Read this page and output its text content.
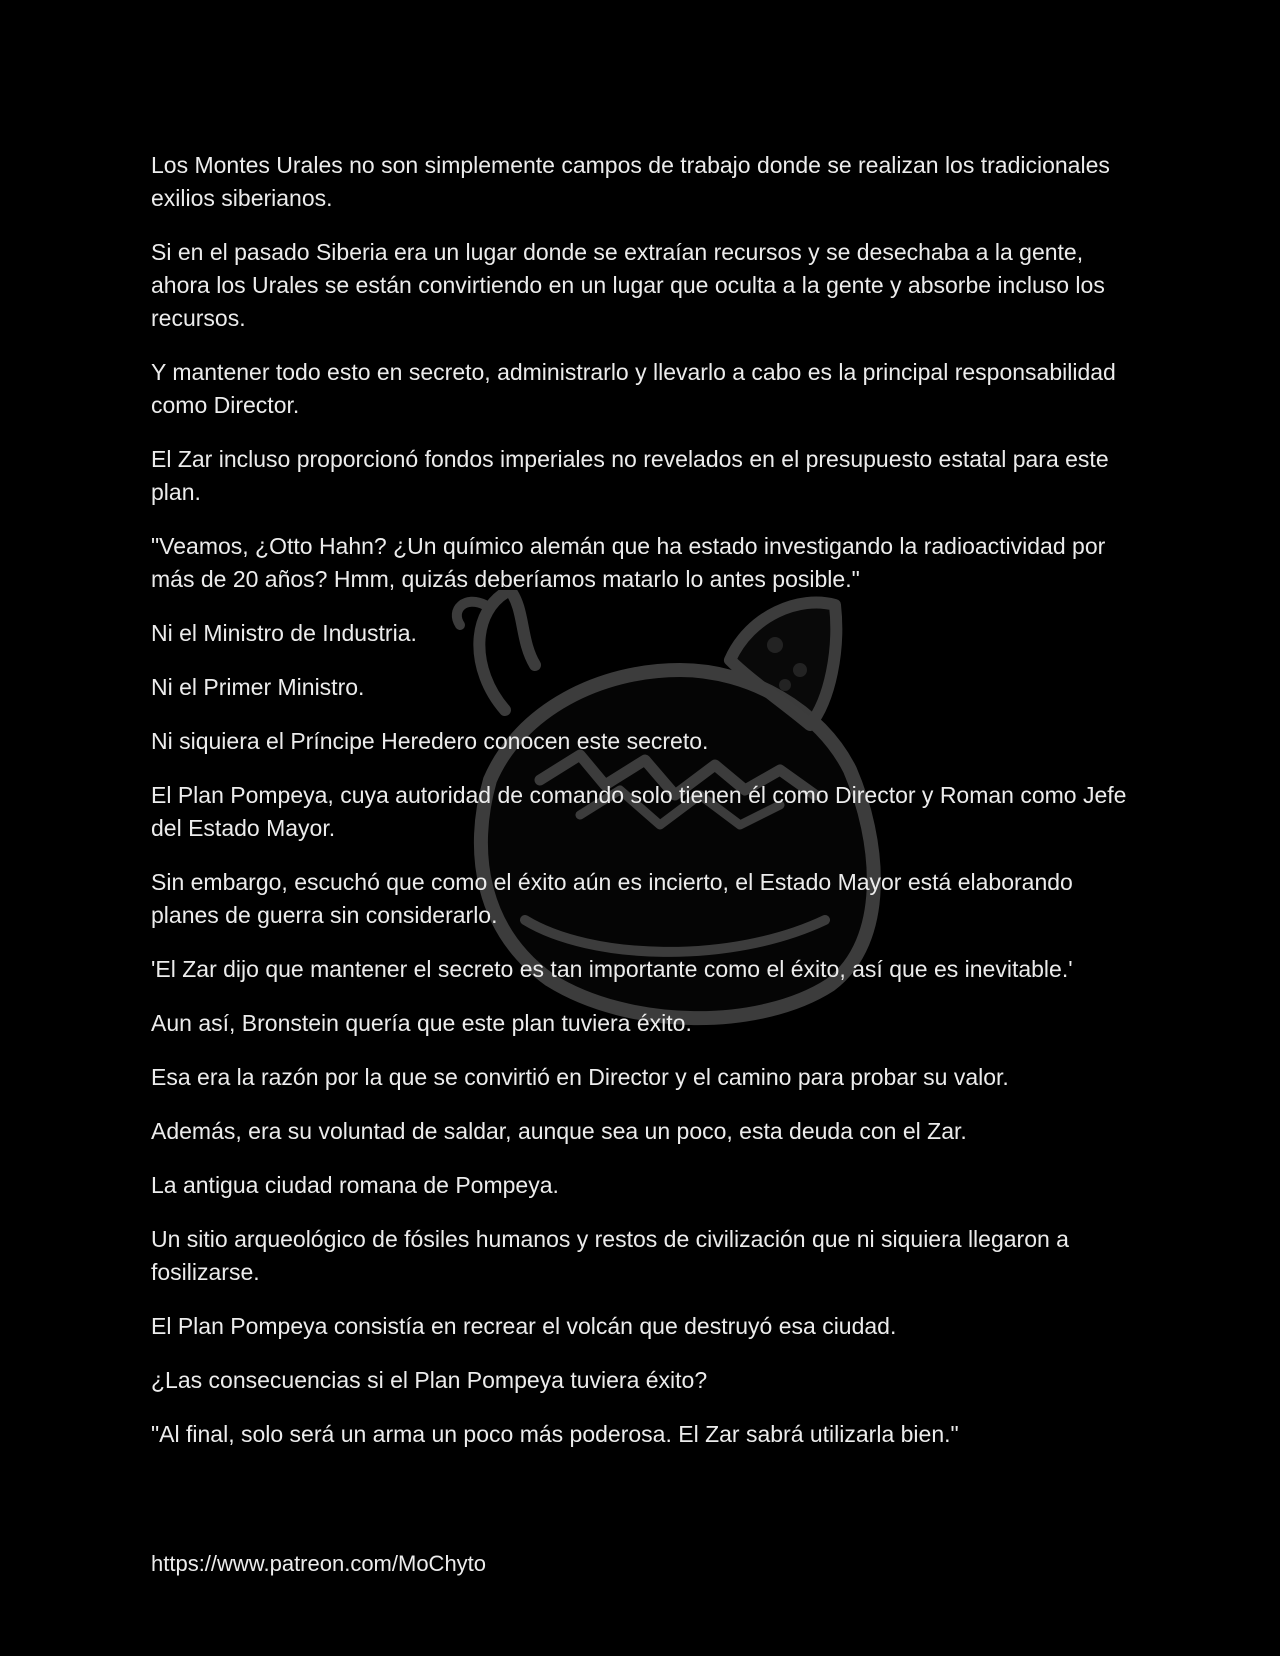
Los Montes Urales no son simplemente campos de trabajo donde se realizan los tradicionales exilios siberianos.

Si en el pasado Siberia era un lugar donde se extraían recursos y se desechaba a la gente, ahora los Urales se están convirtiendo en un lugar que oculta a la gente y absorbe incluso los recursos.

Y mantener todo esto en secreto, administrarlo y llevarlo a cabo es la principal responsabilidad como Director.

El Zar incluso proporcionó fondos imperiales no revelados en el presupuesto estatal para este plan.

"Veamos, ¿Otto Hahn? ¿Un químico alemán que ha estado investigando la radioactividad por más de 20 años? Hmm, quizás deberíamos matarlo lo antes posible."

Ni el Ministro de Industria.

Ni el Primer Ministro.

Ni siquiera el Príncipe Heredero conocen este secreto.

El Plan Pompeya, cuya autoridad de comando solo tienen él como Director y Roman como Jefe del Estado Mayor.

Sin embargo, escuchó que como el éxito aún es incierto, el Estado Mayor está elaborando planes de guerra sin considerarlo.

'El Zar dijo que mantener el secreto es tan importante como el éxito, así que es inevitable.'

Aun así, Bronstein quería que este plan tuviera éxito.

Esa era la razón por la que se convirtió en Director y el camino para probar su valor.

Además, era su voluntad de saldar, aunque sea un poco, esta deuda con el Zar.

La antigua ciudad romana de Pompeya.

Un sitio arqueológico de fósiles humanos y restos de civilización que ni siquiera llegaron a fosilizarse.

El Plan Pompeya consistía en recrear el volcán que destruyó esa ciudad.

¿Las consecuencias si el Plan Pompeya tuviera éxito?

"Al final, solo será un arma un poco más poderosa. El Zar sabrá utilizarla bien."

https://www.patreon.com/MoChyto
